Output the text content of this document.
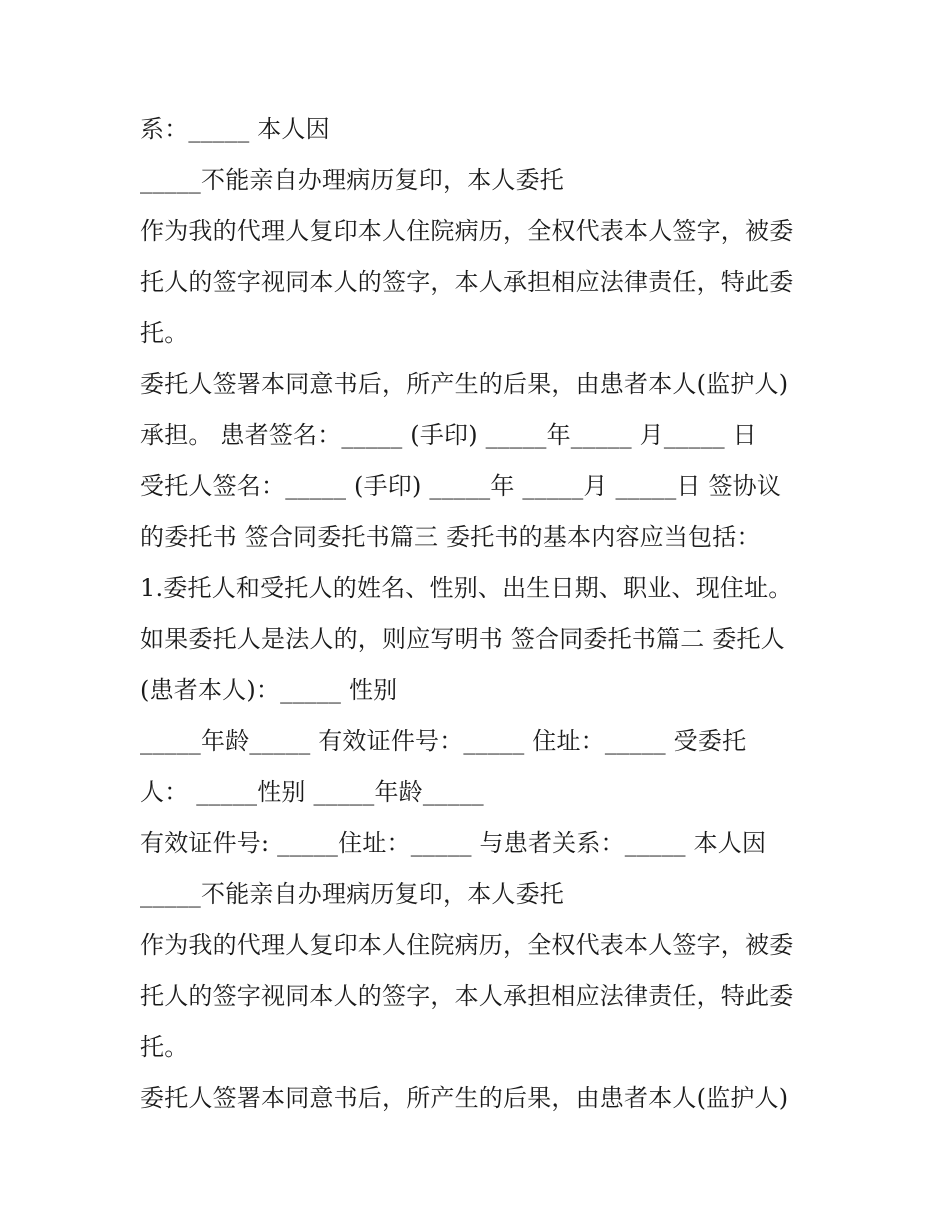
系：_____ 本人因
_____不能亲自办理病历复印，本人委托
作为我的代理人复印本人住院病历，全权代表本人签字，被委
托人的签字视同本人的签字，本人承担相应法律责任，特此委
托。
委托人签署本同意书后，所产生的后果，由患者本人(监护人)
承担。 患者签名：_____ (手印) _____年_____ 月_____ 日
受托人签名：_____ (手印) _____年 _____月 _____日 签协议
的委托书 签合同委托书篇三 委托书的基本内容应当包括：
1.委托人和受托人的姓名、性别、出生日期、职业、现住址。
如果委托人是法人的，则应写明书 签合同委托书篇二 委托人
(患者本人)：_____ 性别
_____年龄_____ 有效证件号：_____ 住址：_____ 受委托
人： _____性别 _____年龄_____
有效证件号: _____住址：_____ 与患者关系：_____ 本人因
_____不能亲自办理病历复印，本人委托
作为我的代理人复印本人住院病历，全权代表本人签字，被委
托人的签字视同本人的签字，本人承担相应法律责任，特此委
托。
委托人签署本同意书后，所产生的后果，由患者本人(监护人)
